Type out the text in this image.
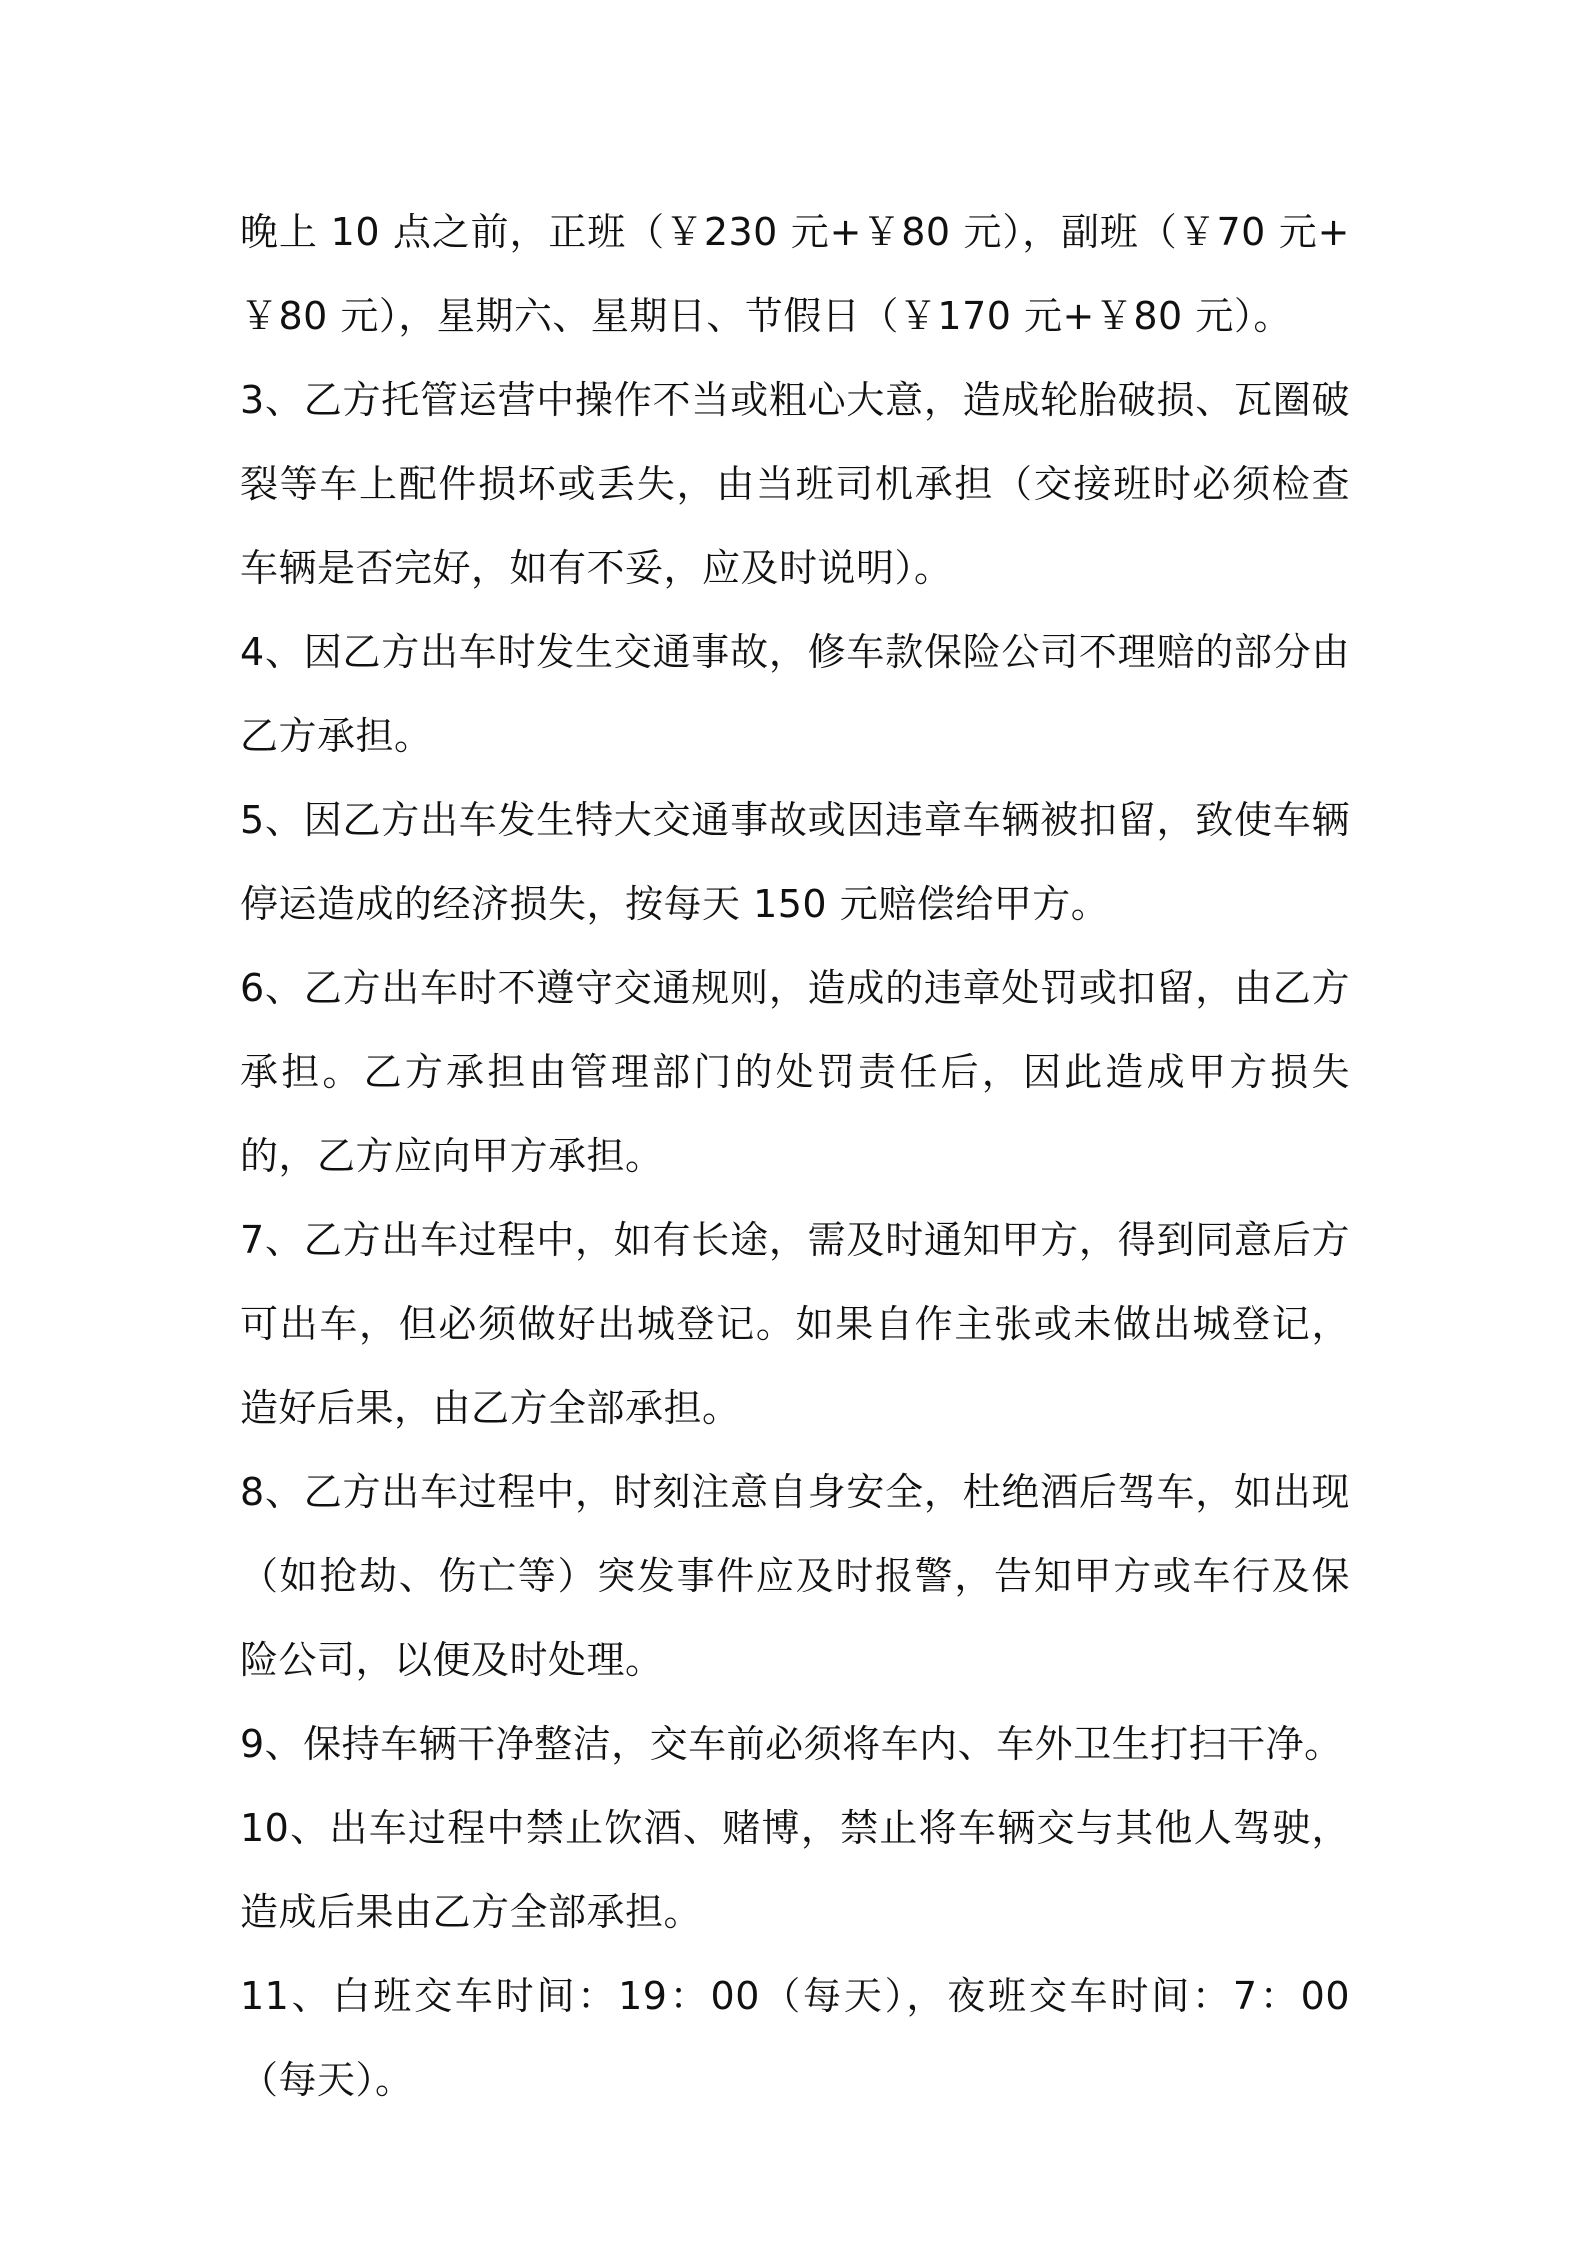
晚上 10 点之前，正班（￥230 元+￥80 元），副班（￥70 元+￥80 元），星期六、星期日、节假日（￥170 元+￥80 元）。

3、乙方托管运营中操作不当或粗心大意，造成轮胎破损、瓦圈破裂等车上配件损坏或丢失，由当班司机承担（交接班时必须检查车辆是否完好，如有不妥，应及时说明）。

4、因乙方出车时发生交通事故，修车款保险公司不理赔的部分由乙方承担。

5、因乙方出车发生特大交通事故或因违章车辆被扣留，致使车辆停运造成的经济损失，按每天 150 元赔偿给甲方。

6、乙方出车时不遵守交通规则，造成的违章处罚或扣留，由乙方承担。乙方承担由管理部门的处罚责任后，因此造成甲方损失的，乙方应向甲方承担。

7、乙方出车过程中，如有长途，需及时通知甲方，得到同意后方可出车，但必须做好出城登记。如果自作主张或未做出城登记，造好后果，由乙方全部承担。

8、乙方出车过程中，时刻注意自身安全，杜绝酒后驾车，如出现（如抢劫、伤亡等）突发事件应及时报警，告知甲方或车行及保险公司，以便及时处理。

9、保持车辆干净整洁，交车前必须将车内、车外卫生打扫干净。

10、出车过程中禁止饮酒、赌博，禁止将车辆交与其他人驾驶，造成后果由乙方全部承担。

11、白班交车时间：19：00（每天），夜班交车时间：7：00（每天）。
